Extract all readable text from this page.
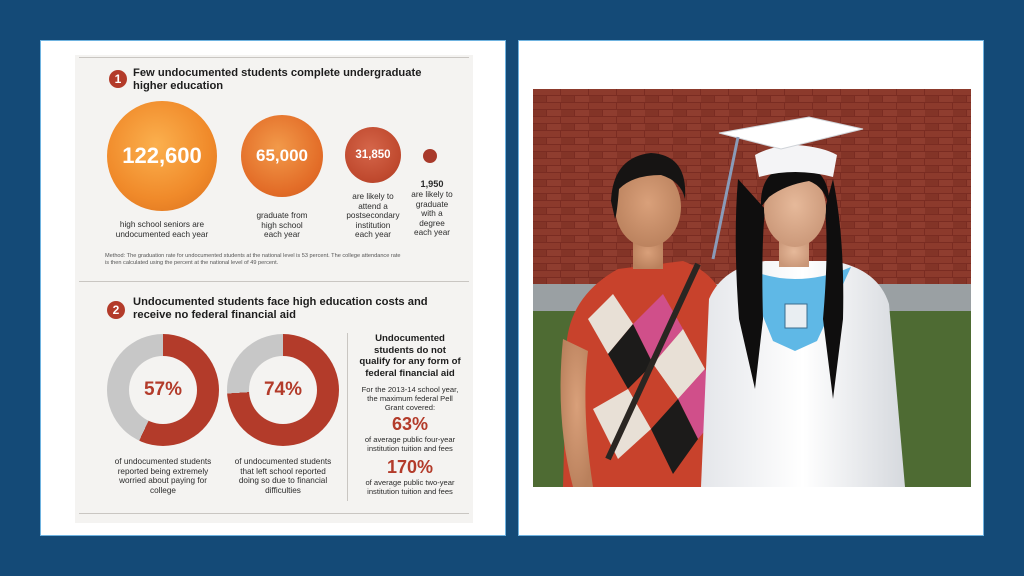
1	Few undocumented students complete undergraduate
higher education
122,600	65,000	31,850
high school seniors are
undocumented each year
graduate from
high school
each year
are likely to
attend a
postsecondary
institution
each year
1,950
are likely to
graduate
with a
degree
each year
Method: The graduation rate for undocumented students at the national level is 53 percent. The college attendance rate
is then calculated using the percent at the national level of 49 percent.
2
Undocumented students face high education costs and
receive no federal financial aid
57%	74%
of undocumented students
reported being extremely
worried about paying for
college
of undocumented students
that left school reported
doing so due to financial
difficulties
Undocumented
students do not
qualify for any form of
federal financial aid
For the 2013-14 school year,
the maximum federal Pell
Grant covered:
63%
of average public four-year
institution tuition and fees
170%
of average public two-year
institution tuition and fees
